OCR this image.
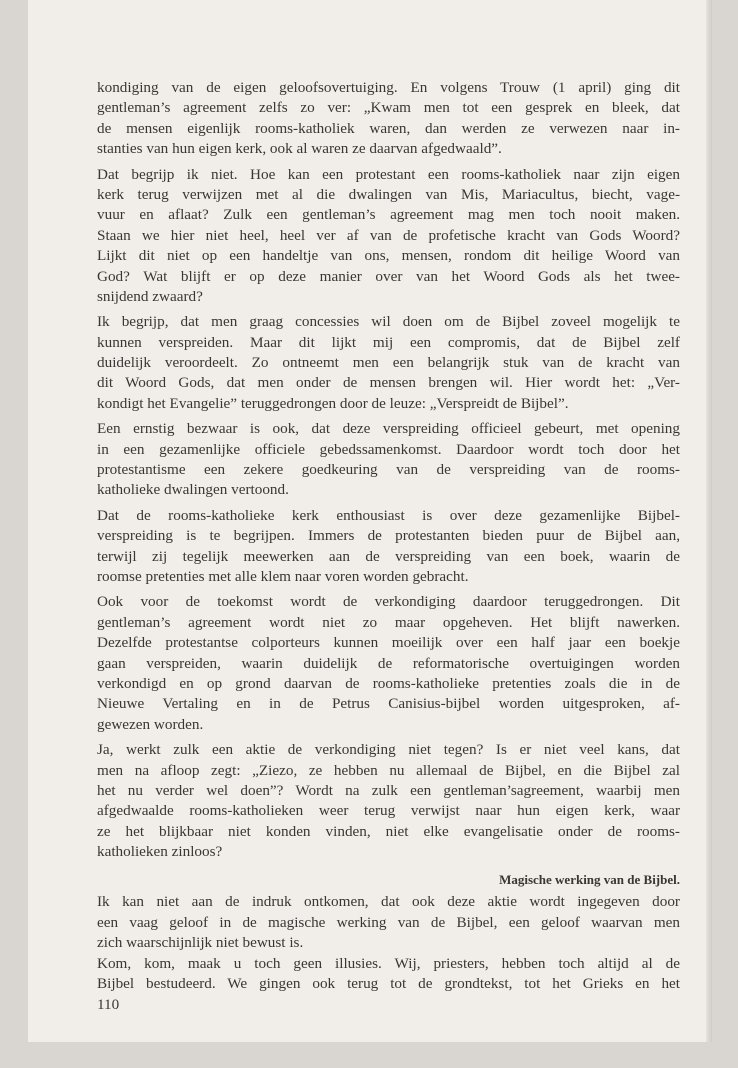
kondiging van de eigen geloofsovertuiging. En volgens Trouw (1 april) ging dit
gentleman’s agreement zelfs zo ver: „Kwam men tot een gesprek en bleek, dat
de mensen eigenlijk rooms-katholiek waren, dan werden ze verwezen naar in-
stanties van hun eigen kerk, ook al waren ze daarvan afgedwaald”.
Dat begrijp ik niet. Hoe kan een protestant een rooms-katholiek naar zijn eigen
kerk terug verwijzen met al die dwalingen van Mis, Mariacultus, biecht, vage-
vuur en aflaat? Zulk een gentleman’s agreement mag men toch nooit maken.
Staan we hier niet heel, heel ver af van de profetische kracht van Gods Woord?
Lijkt dit niet op een handeltje van ons, mensen, rondom dit heilige Woord van
God? Wat blijft er op deze manier over van het Woord Gods als het twee-
snijdend zwaard?
Ik begrijp, dat men graag concessies wil doen om de Bijbel zoveel mogelijk te
kunnen verspreiden. Maar dit lijkt mij een compromis, dat de Bijbel zelf
duidelijk veroordeelt. Zo ontneemt men een belangrijk stuk van de kracht van
dit Woord Gods, dat men onder de mensen brengen wil. Hier wordt het: „Ver-
kondigt het Evangelie” teruggedrongen door de leuze: „Verspreidt de Bijbel”.
Een ernstig bezwaar is ook, dat deze verspreiding officieel gebeurt, met opening
in een gezamenlijke officiele gebedssamenkomst. Daardoor wordt toch door het
protestantisme een zekere goedkeuring van de verspreiding van de rooms-
katholieke dwalingen vertoond.
Dat de rooms-katholieke kerk enthousiast is over deze gezamenlijke Bijbel-
verspreiding is te begrijpen. Immers de protestanten bieden puur de Bijbel aan,
terwijl zij tegelijk meewerken aan de verspreiding van een boek, waarin de
roomse pretenties met alle klem naar voren worden gebracht.
Ook voor de toekomst wordt de verkondiging daardoor teruggedrongen. Dit
gentleman’s agreement wordt niet zo maar opgeheven. Het blijft nawerken.
Dezelfde protestantse colporteurs kunnen moeilijk over een half jaar een boekje
gaan verspreiden, waarin duidelijk de reformatorische overtuigingen worden
verkondigd en op grond daarvan de rooms-katholieke pretenties zoals die in de
Nieuwe Vertaling en in de Petrus Canisius-bijbel worden uitgesproken, af-
gewezen worden.
Ja, werkt zulk een aktie de verkondiging niet tegen? Is er niet veel kans, dat
men na afloop zegt: „Ziezo, ze hebben nu allemaal de Bijbel, en die Bijbel zal
het nu verder wel doen”? Wordt na zulk een gentleman’sagreement, waarbij men
afgedwaalde rooms-katholieken weer terug verwijst naar hun eigen kerk, waar
ze het blijkbaar niet konden vinden, niet elke evangelisatie onder de rooms-
katholieken zinloos?
Magische werking van de Bijbel.
Ik kan niet aan de indruk ontkomen, dat ook deze aktie wordt ingegeven door
een vaag geloof in de magische werking van de Bijbel, een geloof waarvan men
zich waarschijnlijk niet bewust is.
Kom, kom, maak u toch geen illusies. Wij, priesters, hebben toch altijd al de
Bijbel bestudeerd. We gingen ook terug tot de grondtekst, tot het Grieks en het
110
